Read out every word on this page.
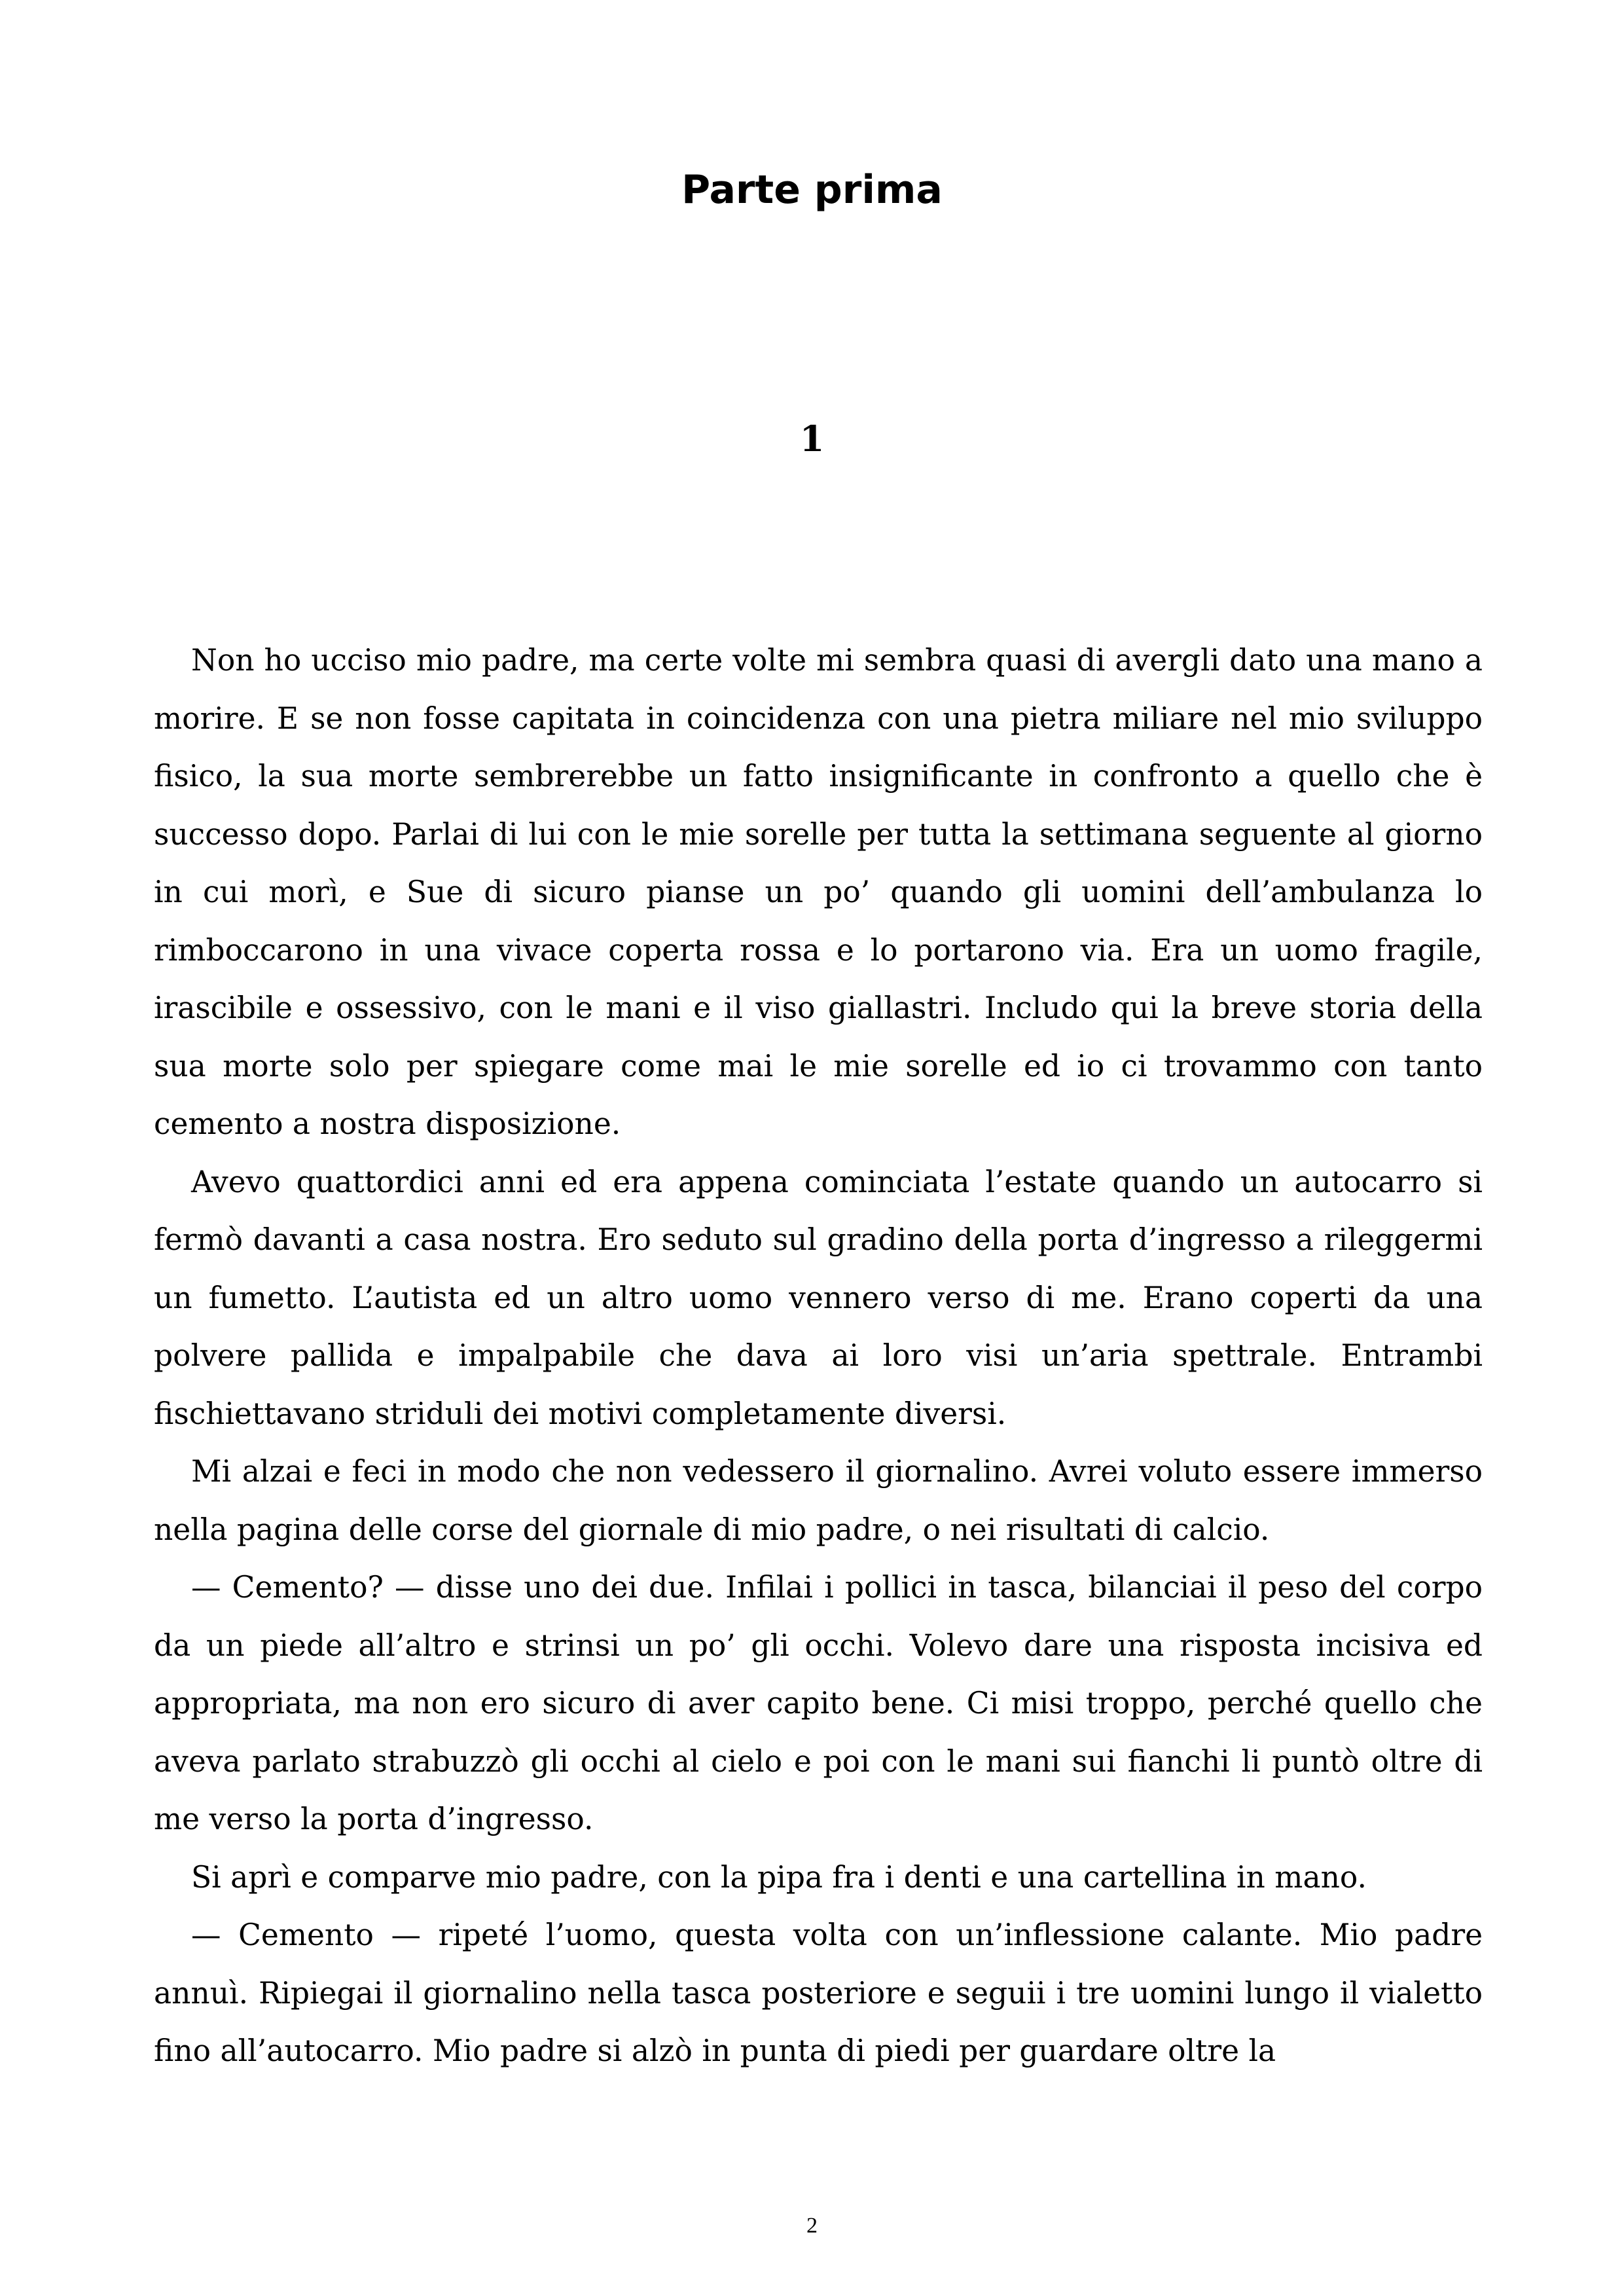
Parte prima
1

Non ho ucciso mio padre, ma certe volte mi sembra quasi di avergli dato una mano a morire. E se non fosse capitata in coincidenza con una pietra miliare nel mio sviluppo fisico, la sua morte sembrerebbe un fatto insignificante in confronto a quello che è successo dopo. Parlai di lui con le mie sorelle per tutta la settimana seguente al giorno in cui morì, e Sue di sicuro pianse un po’ quando gli uomini dell’ambulanza lo rimboccarono in una vivace coperta rossa e lo portarono via. Era un uomo fragile, irascibile e ossessivo, con le mani e il viso giallastri. Includo qui la breve storia della sua morte solo per spiegare come mai le mie sorelle ed io ci trovammo con tanto cemento a nostra disposizione.

Avevo quattordici anni ed era appena cominciata l’estate quando un autocarro si fermò davanti a casa nostra. Ero seduto sul gradino della porta d’ingresso a rileggermi un fumetto. L’autista ed un altro uomo vennero verso di me. Erano coperti da una polvere pallida e impalpabile che dava ai loro visi un’aria spettrale. Entrambi fischiettavano striduli dei motivi completamente diversi.

Mi alzai e feci in modo che non vedessero il giornalino. Avrei voluto essere immerso nella pagina delle corse del giornale di mio padre, o nei risultati di calcio.

— Cemento? — disse uno dei due. Infilai i pollici in tasca, bilanciai il peso del corpo da un piede all’altro e strinsi un po’ gli occhi. Volevo dare una risposta incisiva ed appropriata, ma non ero sicuro di aver capito bene. Ci misi troppo, perché quello che aveva parlato strabuzzò gli occhi al cielo e poi con le mani sui fianchi li puntò oltre di me verso la porta d’ingresso.

Si aprì e comparve mio padre, con la pipa fra i denti e una cartellina in mano.

— Cemento — ripeté l’uomo, questa volta con un’inflessione calante. Mio padre annuì. Ripiegai il giornalino nella tasca posteriore e seguii i tre uomini lungo il vialetto fino all’autocarro. Mio padre si alzò in punta di piedi per guardare oltre la

2
